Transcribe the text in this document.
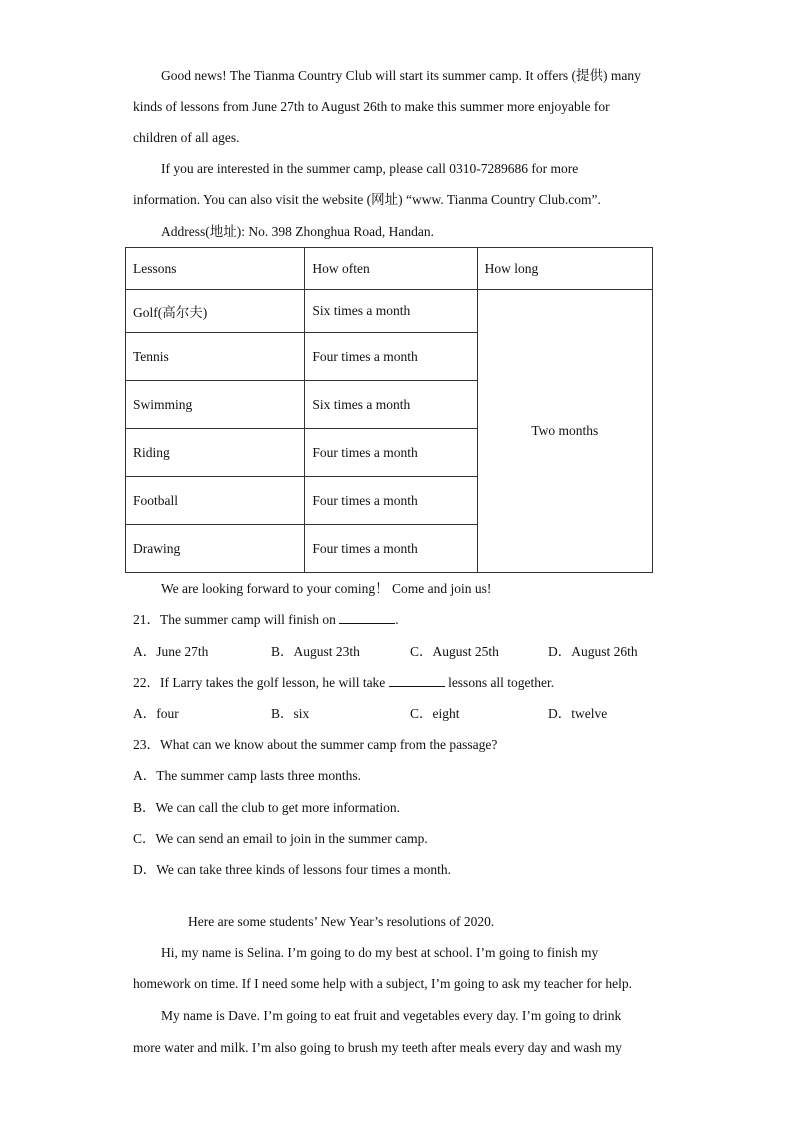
Good news! The Tianma Country Club will start its summer camp. It offers (提供) many
kinds of lessons from June 27th to August 26th to make this summer more enjoyable for
children of all ages.
If you are interested in the summer camp, please call 0310-7289686 for more
information. You can also visit the website (网址) “www. Tianma Country Club.com”.
Address(地址): No. 398 Zhonghua Road, Handan.
Lessons	How often	How long
Golf(高尔夫)	Six times a month	Two months
Tennis	Four times a month	
Swimming	Six times a month	
Riding	Four times a month	
Football	Four times a month	
Drawing	Four times a month	
We are looking forward to your coming！ Come and join us!
21．The summer camp will finish on	.
A．June 27th	B．August 23th	C．August 25th	D．August 26th
22．If Larry takes the golf lesson, he will take	lessons all together.
A．four	B．six	C．eight	D．twelve
23．What can we know about the summer camp from the passage?
A．The summer camp lasts three months.
B．We can call the club to get more information.
C．We can send an email to join in the summer camp.
D．We can take three kinds of lessons four times a month.
Here are some students’ New Year’s resolutions of 2020.
Hi, my name is Selina. I’m going to do my best at school. I’m going to finish my
homework on time. If I need some help with a subject, I’m going to ask my teacher for help.
My name is Dave. I’m going to eat fruit and vegetables every day. I’m going to drink
more water and milk. I’m also going to brush my teeth after meals every day and wash my
